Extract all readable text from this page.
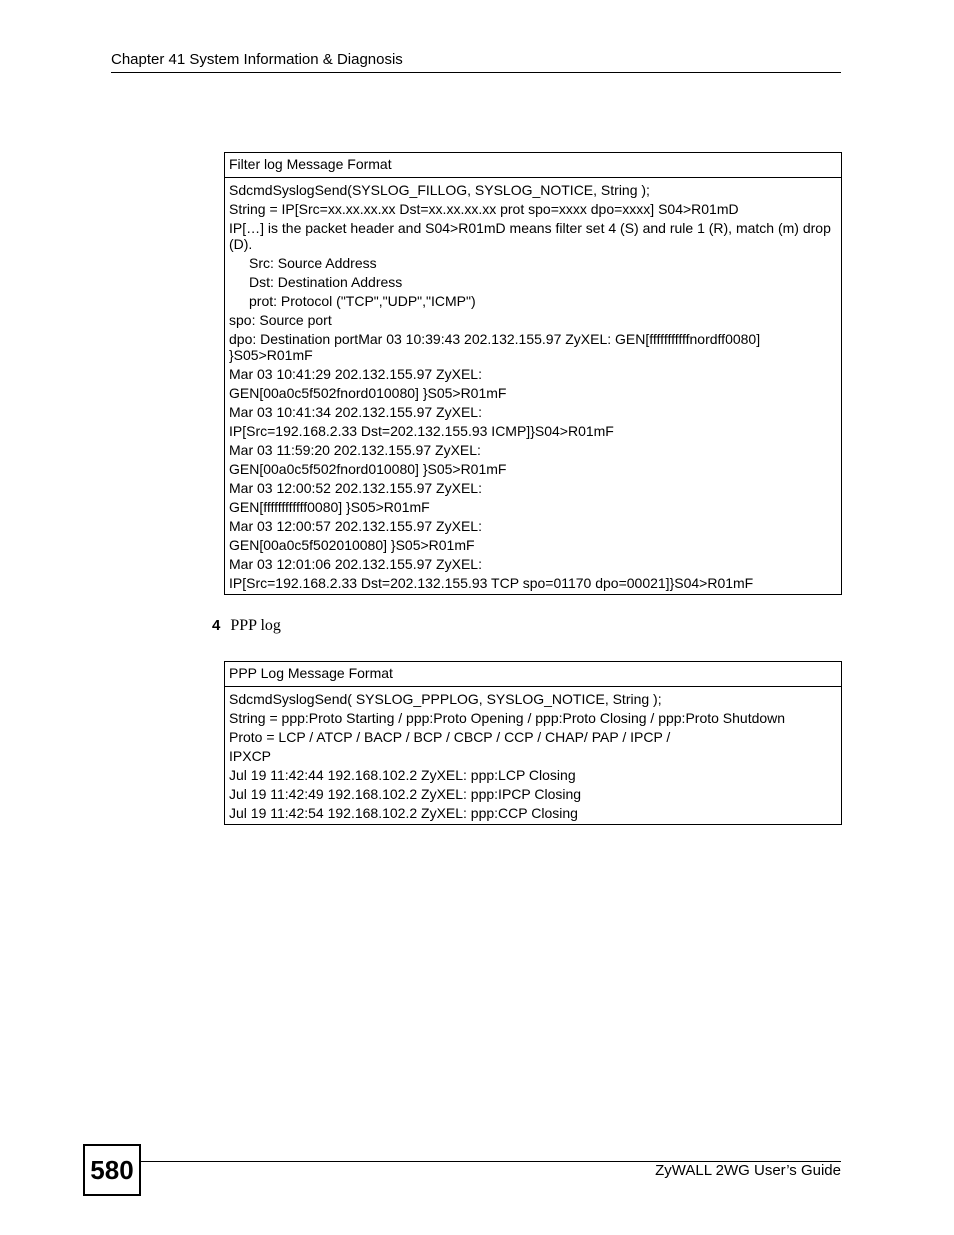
Chapter 41 System Information & Diagnosis
Filter log Message Format

SdcmdSyslogSend(SYSLOG_FILLOG, SYSLOG_NOTICE, String );
String = IP[Src=xx.xx.xx.xx Dst=xx.xx.xx.xx prot spo=xxxx dpo=xxxx] S04>R01mD
IP[…] is the packet header and S04>R01mD means filter set 4 (S) and rule 1 (R), match (m) drop (D).
Src: Source Address
Dst: Destination Address
prot: Protocol ("TCP","UDP","ICMP")
spo: Source port
dpo: Destination portMar 03 10:39:43 202.132.155.97 ZyXEL: GEN[fffffffffffnordff0080] }S05>R01mF
Mar 03 10:41:29 202.132.155.97 ZyXEL:
GEN[00a0c5f502fnord010080] }S05>R01mF
Mar 03 10:41:34 202.132.155.97 ZyXEL:
IP[Src=192.168.2.33 Dst=202.132.155.93 ICMP]}S04>R01mF
Mar 03 11:59:20 202.132.155.97 ZyXEL:
GEN[00a0c5f502fnord010080] }S05>R01mF
Mar 03 12:00:52 202.132.155.97 ZyXEL:
GEN[ffffffffffff0080] }S05>R01mF
Mar 03 12:00:57 202.132.155.97 ZyXEL:
GEN[00a0c5f502010080] }S05>R01mF
Mar 03 12:01:06 202.132.155.97 ZyXEL:
IP[Src=192.168.2.33 Dst=202.132.155.93 TCP spo=01170 dpo=00021]}S04>R01mF
4 PPP log
PPP Log Message Format

SdcmdSyslogSend( SYSLOG_PPPLOG, SYSLOG_NOTICE, String );
String = ppp:Proto Starting / ppp:Proto Opening / ppp:Proto Closing / ppp:Proto Shutdown
Proto = LCP / ATCP / BACP / BCP / CBCP / CCP / CHAP/ PAP / IPCP /
IPXCP
Jul 19 11:42:44 192.168.102.2 ZyXEL: ppp:LCP Closing
Jul 19 11:42:49 192.168.102.2 ZyXEL: ppp:IPCP Closing
Jul 19 11:42:54 192.168.102.2 ZyXEL: ppp:CCP Closing
580	ZyWALL 2WG User’s Guide
